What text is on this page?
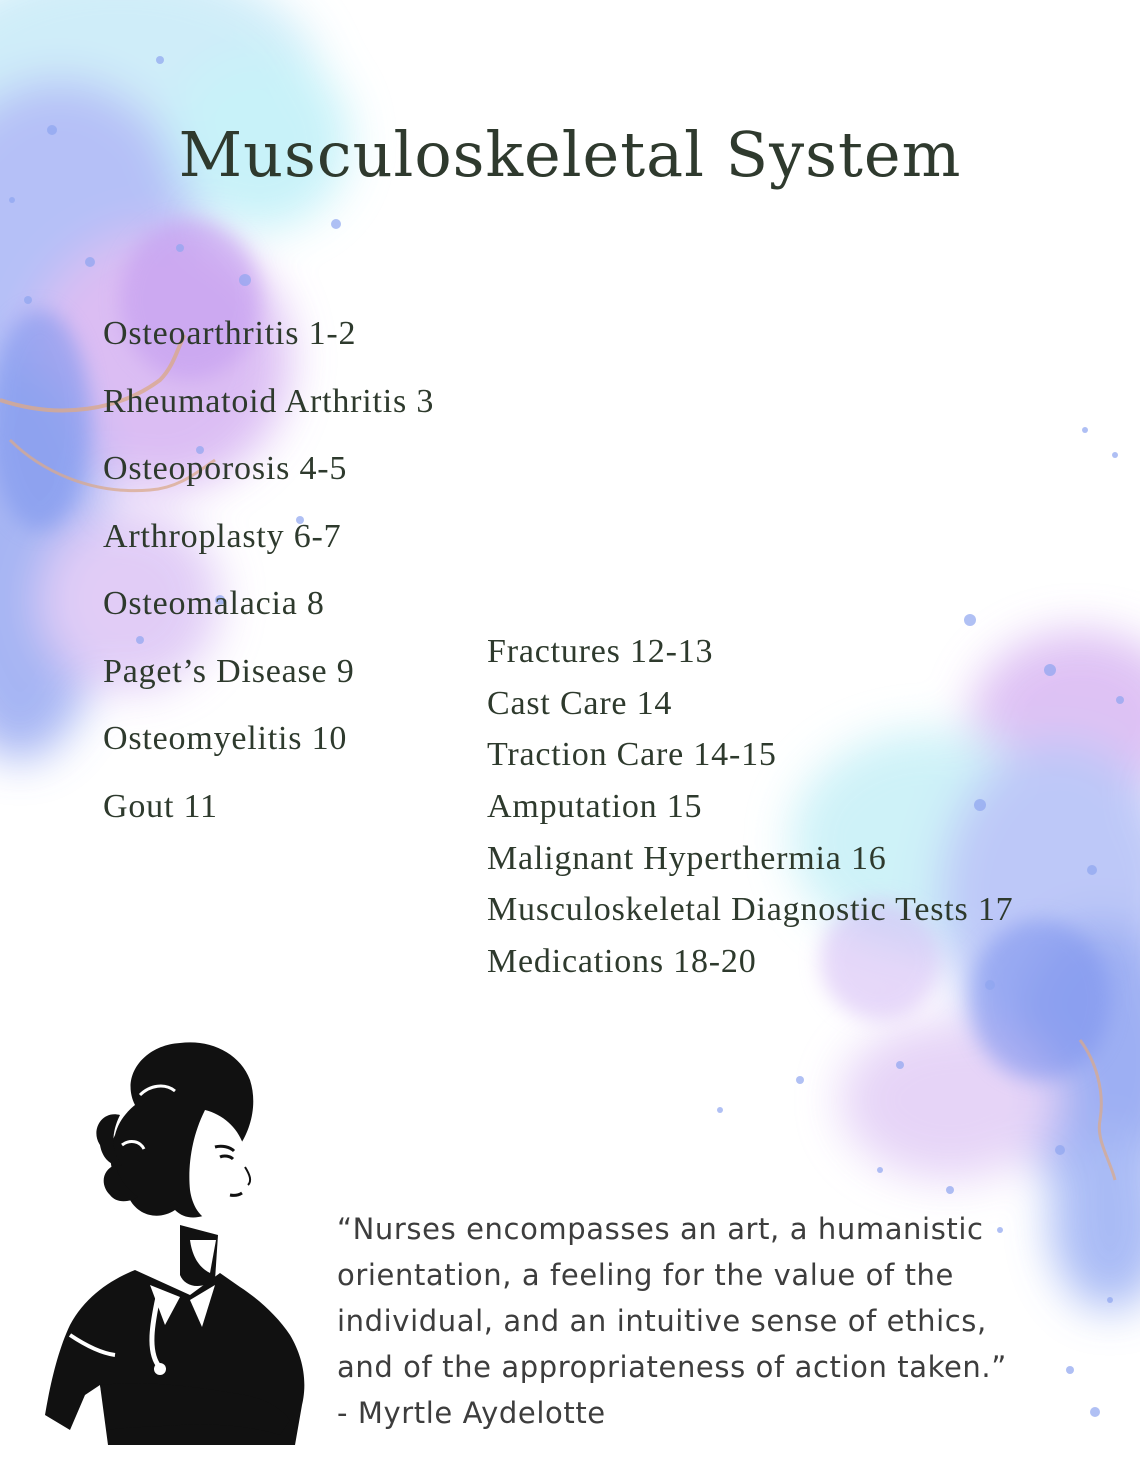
Musculoskeletal System
Osteoarthritis 1-2
Rheumatoid Arthritis 3
Osteoporosis 4-5
Arthroplasty 6-7
Osteomalacia 8
Paget’s Disease 9
Osteomyelitis 10
Gout 11
Fractures 12-13
Cast Care 14
Traction Care 14-15
Amputation 15
Malignant Hyperthermia 16
Musculoskeletal Diagnostic Tests 17
Medications 18-20
“Nurses encompasses an art, a humanistic
orientation, a feeling for the value of the
individual, and an intuitive sense of ethics,
and of the appropriateness of action taken.”
- Myrtle Aydelotte
